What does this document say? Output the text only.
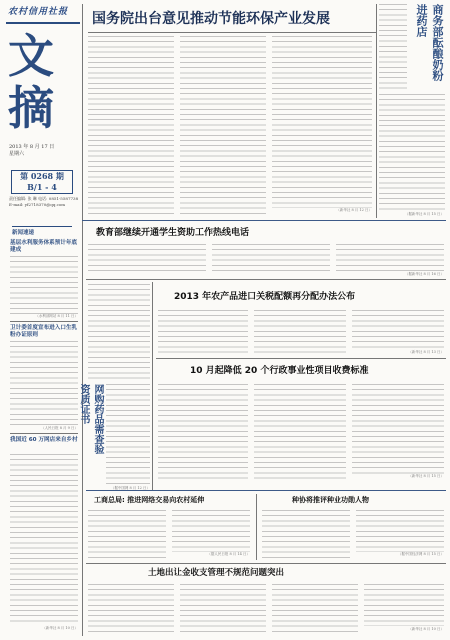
农村信用社报
文
摘
2013 年 8 月 17 日
星期六
第 0268 期
B/1 - 4
责任编辑: 张 琳 电话: 0851-5587738 E-mail: yf2718370@qq.com
国务院出台意见推动节能环保产业发展
（新华社 8 月 12 日）
商务部酝酿奶粉进药店
（据新华社 8 月 15 日）
新闻速递
基层水利服务体系预计年底建成
（水利部网站 8 月 11 日）
卫计委首度宣布进入口生乳粉办证原则
（人民日报 8 月 9 日）
我国近 60 万网店来自乡村
（新华社 8 月 10 日）
教育部继续开通学生资助工作热线电话
（据新华社 8 月 16 日）
网购药品需查验资质证书
（据中国网 8 月 12 日）
2013 年农产品进口关税配额再分配办法公布
（新华社 8 月 13 日）
10 月起降低 20 个行政事业性项目收费标准
（新华社 8 月 15 日）
工商总局: 推进网络交易向农村延伸
（据人民日报 8 月 14 日）
种协将推评种业功勋人物
（据中国经济网 8 月 15 日）
土地出让金收支管理不规范问题突出
（新华社 8 月 10 日）
